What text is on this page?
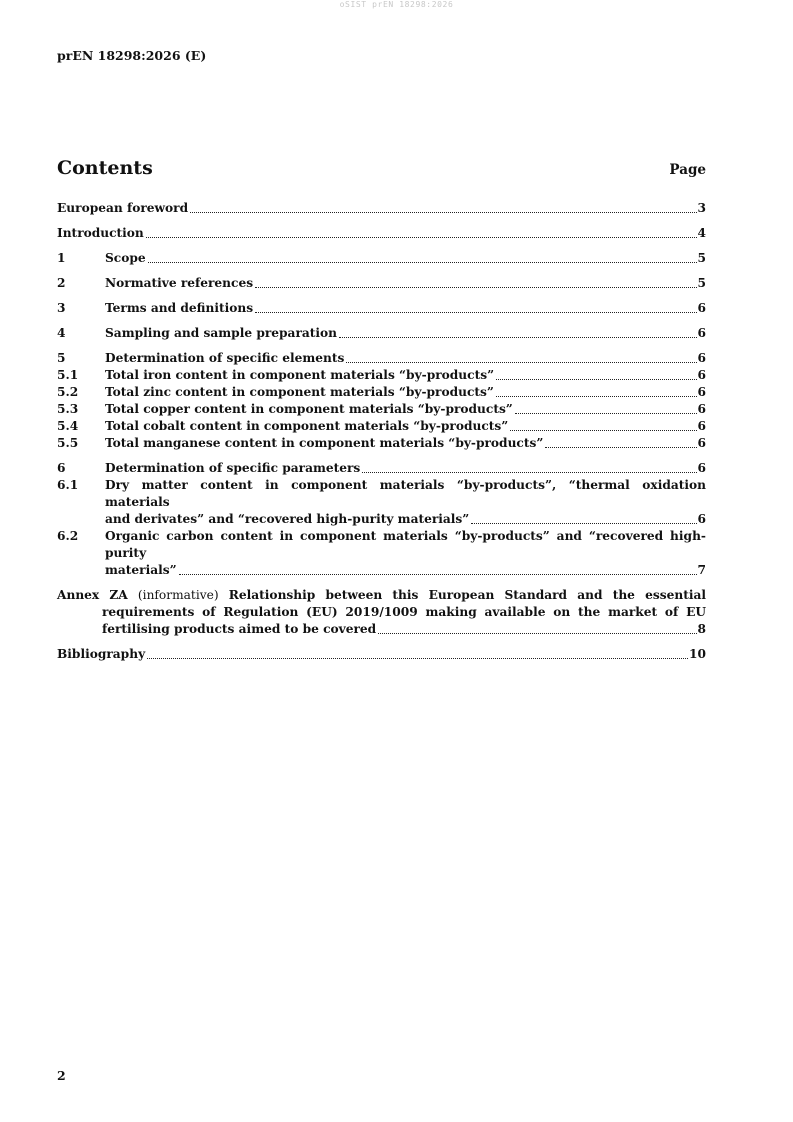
oSIST prEN 18298:2026
prEN 18298:2026 (E)
Contents	Page
European foreword	3
Introduction	4
1	Scope	5
2	Normative references	5
3	Terms and definitions	6
4	Sampling and sample preparation	6
5	Determination of specific elements	6
5.1	Total iron content in component materials “by-products”	6
5.2	Total zinc content in component materials “by-products”	6
5.3	Total copper content in component materials “by-products”	6
5.4	Total cobalt content in component materials “by-products”	6
5.5	Total manganese content in component materials “by-products”	6
6	Determination of specific parameters	6
6.1	Dry matter content in component materials “by-products”, “thermal oxidation materials
and derivates” and “recovered high-purity materials”	6
6.2	Organic carbon content in component materials “by-products” and “recovered high-purity
materials”	7
Annex ZA (informative) Relationship between this European Standard and the essential
requirements of Regulation (EU) 2019/1009 making available on the market of EU
fertilising products aimed to be covered	8
Bibliography	10
2
